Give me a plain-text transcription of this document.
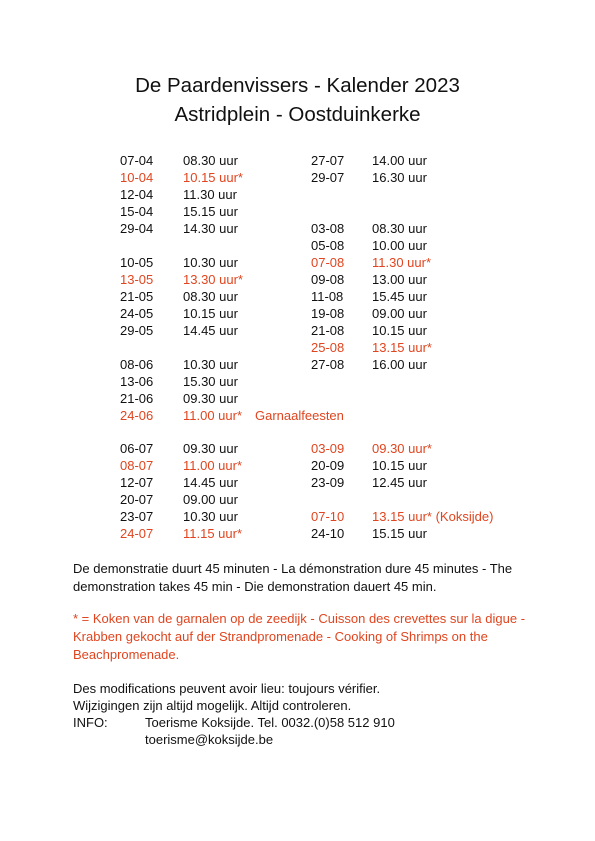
De Paardenvissers - Kalender 2023
Astridplein - Oostduinkerke
07-04 08.30 uur
10-04 10.15 uur*
12-04 11.30 uur
15-04 15.15 uur
29-04 14.30 uur
10-05 10.30 uur
13-05 13.30 uur*
21-05 08.30 uur
24-05 10.15 uur
29-05 14.45 uur
08-06 10.30 uur
13-06 15.30 uur
21-06 09.30 uur
24-06 11.00 uur* Garnaalfeesten
06-07 09.30 uur
08-07 11.00 uur*
12-07 14.45 uur
20-07 09.00 uur
23-07 10.30 uur
24-07 11.15 uur*
27-07 14.00 uur
29-07 16.30 uur
03-08 08.30 uur
05-08 10.00 uur
07-08 11.30 uur*
09-08 13.00 uur
11-08 15.45 uur
19-08 09.00 uur
21-08 10.15 uur
25-08 13.15 uur*
27-08 16.00 uur
03-09 09.30 uur*
20-09 10.15 uur
23-09 12.45 uur
07-10 13.15 uur* (Koksijde)
24-10 15.15 uur
De demonstratie duurt 45 minuten - La démonstration dure 45 minutes - The demonstration takes 45 min - Die demonstration dauert 45 min.
* = Koken van de garnalen op de zeedijk - Cuisson des crevettes sur la digue - Krabben gekocht auf der Strandpromenade - Cooking of Shrimps on the Beachpromenade.
Des modifications peuvent avoir lieu: toujours vérifier.
Wijzigingen zijn altijd mogelijk. Altijd controleren.
INFO:	Toerisme Koksijde. Tel. 0032.(0)58 512 910
toerisme@koksijde.be
